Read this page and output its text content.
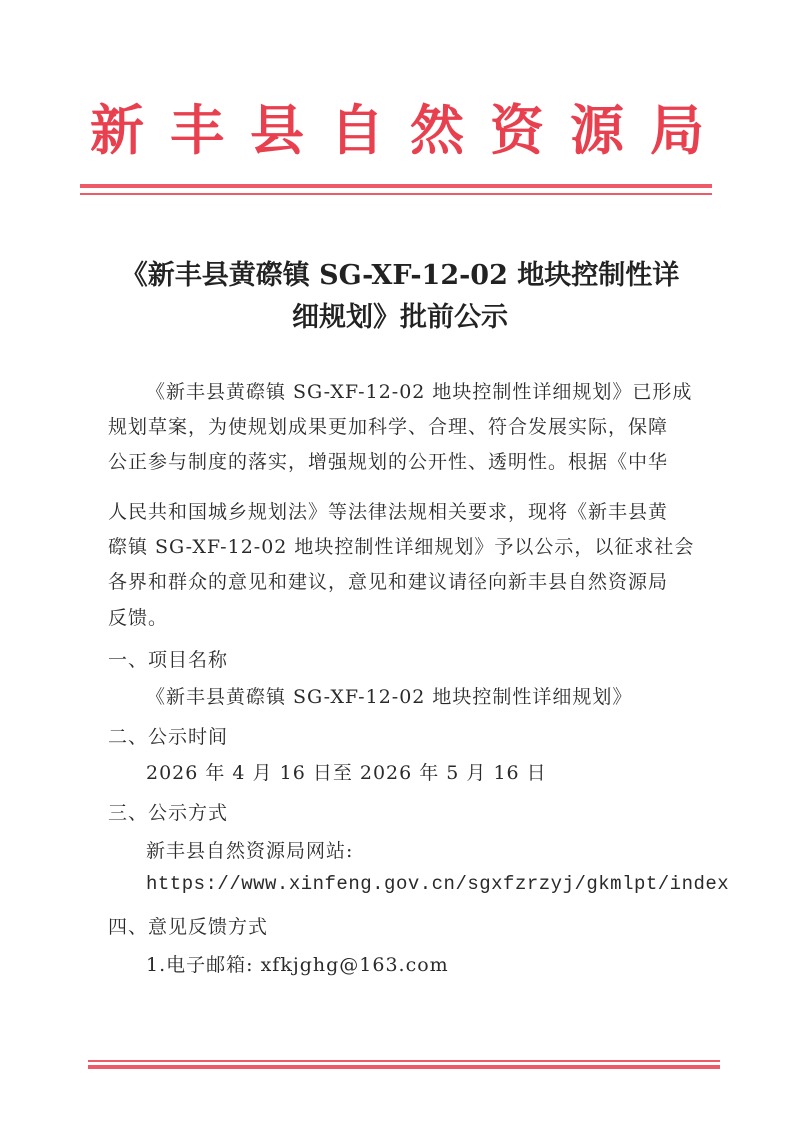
新丰县自然资源局
《新丰县黄磜镇 SG-XF-12-02 地块控制性详
细规划》批前公示
《新丰县黄磜镇 SG-XF-12-02 地块控制性详细规划》已形成
规划草案，为使规划成果更加科学、合理、符合发展实际，保障
公正参与制度的落实，增强规划的公开性、透明性。根据《中华
人民共和国城乡规划法》等法律法规相关要求，现将《新丰县黄
磜镇 SG-XF-12-02 地块控制性详细规划》予以公示，以征求社会
各界和群众的意见和建议，意见和建议请径向新丰县自然资源局
反馈。
一、项目名称
《新丰县黄磜镇 SG-XF-12-02 地块控制性详细规划》
二、公示时间
2026 年 4 月 16 日至 2026 年 5 月 16 日
三、公示方式
新丰县自然资源局网站:
https://www.xinfeng.gov.cn/sgxfzrzyj/gkmlpt/index
四、意见反馈方式
1.电子邮箱: xfkjghg@163.com
